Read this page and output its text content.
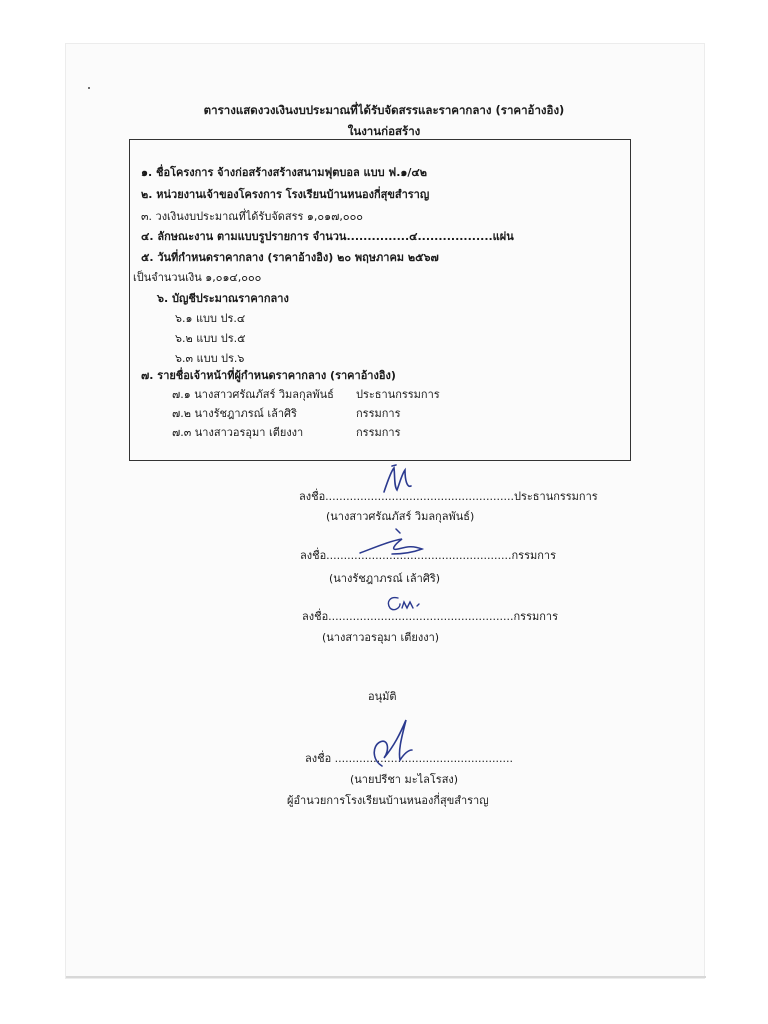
ตารางแสดงวงเงินงบประมาณที่ได้รับจัดสรรและราคากลาง (ราคาอ้างอิง)
ในงานก่อสร้าง
๑. ชื่อโครงการ จ้างก่อสร้างสร้างสนามฟุตบอล แบบ ฟ.๑/๔๒
๒. หน่วยงานเจ้าของโครงการ โรงเรียนบ้านหนองกี่สุขสำราญ
๓. วงเงินงบประมาณที่ได้รับจัดสรร ๑,๐๑๗,๐๐๐
๔. ลักษณะงาน ตามแบบรูปรายการ จำนวน...............๔..................แผ่น
๕. วันที่กำหนดราคากลาง (ราคาอ้างอิง) ๒๐ พฤษภาคม ๒๕๖๗
เป็นจำนวนเงิน ๑,๐๑๔,๐๐๐
๖. บัญชีประมาณราคากลาง
๖.๑ แบบ ปร.๔
๖.๒ แบบ ปร.๕
๖.๓ แบบ ปร.๖
๗. รายชื่อเจ้าหน้าที่ผู้กำหนดราคากลาง (ราคาอ้างอิง)
๗.๑ นางสาวศรัณภัสร์ วิมลกุลพันธ์ ประธานกรรมการ
๗.๒ นางรัชฎาภรณ์ เล้าศิริ	กรรมการ
๗.๓ นางสาวอรอุมา เตียงงา	กรรมการ
ลงชื่อ......................................................ประธานกรรมการ
(นางสาวศรัณภัสร์ วิมลกุลพันธ์)
ลงชื่อ.....................................................กรรมการ
(นางรัชฎาภรณ์ เล้าศิริ)
ลงชื่อ.....................................................กรรมการ
(นางสาวอรอุมา เตียงงา)
อนุมัติ
ลงชื่อ ...................................................
(นายปรีชา มะไลโรสง)
ผู้อำนวยการโรงเรียนบ้านหนองกี่สุขสำราญ
